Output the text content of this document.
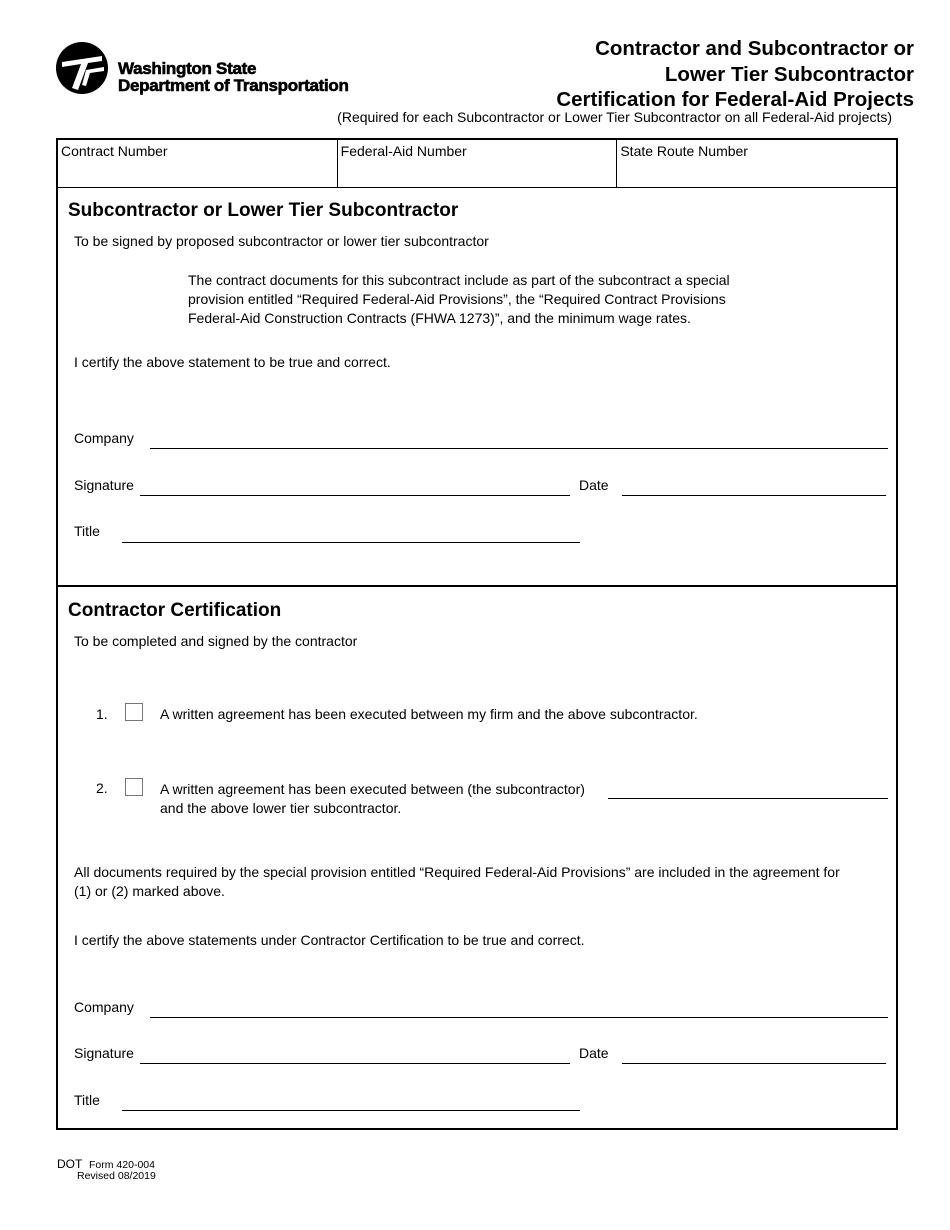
Washington State
Department of Transportation
Contractor and Subcontractor or
Lower Tier Subcontractor
Certification for Federal-Aid Projects
(Required for each Subcontractor or Lower Tier Subcontractor on all Federal-Aid projects)
Contract Number	Federal-Aid Number	State Route Number
Subcontractor or Lower Tier Subcontractor
To be signed by proposed subcontractor or lower tier subcontractor
The contract documents for this subcontract include as part of the subcontract a special
provision entitled “Required Federal-Aid Provisions”, the “Required Contract Provisions
Federal-Aid Construction Contracts (FHWA 1273)”, and the minimum wage rates.
I certify the above statement to be true and correct.
Company
Signature	Date
Title
Contractor Certification
To be completed and signed by the contractor
1.	A written agreement has been executed between my firm and the above subcontractor.
2.	A written agreement has been executed between (the subcontractor)
and the above lower tier subcontractor.
All documents required by the special provision entitled “Required Federal-Aid Provisions” are included in the agreement for
(1) or (2) marked above.
I certify the above statements under Contractor Certification to be true and correct.
Company
Signature	Date
Title
DOT Form 420-004
Revised 08/2019
